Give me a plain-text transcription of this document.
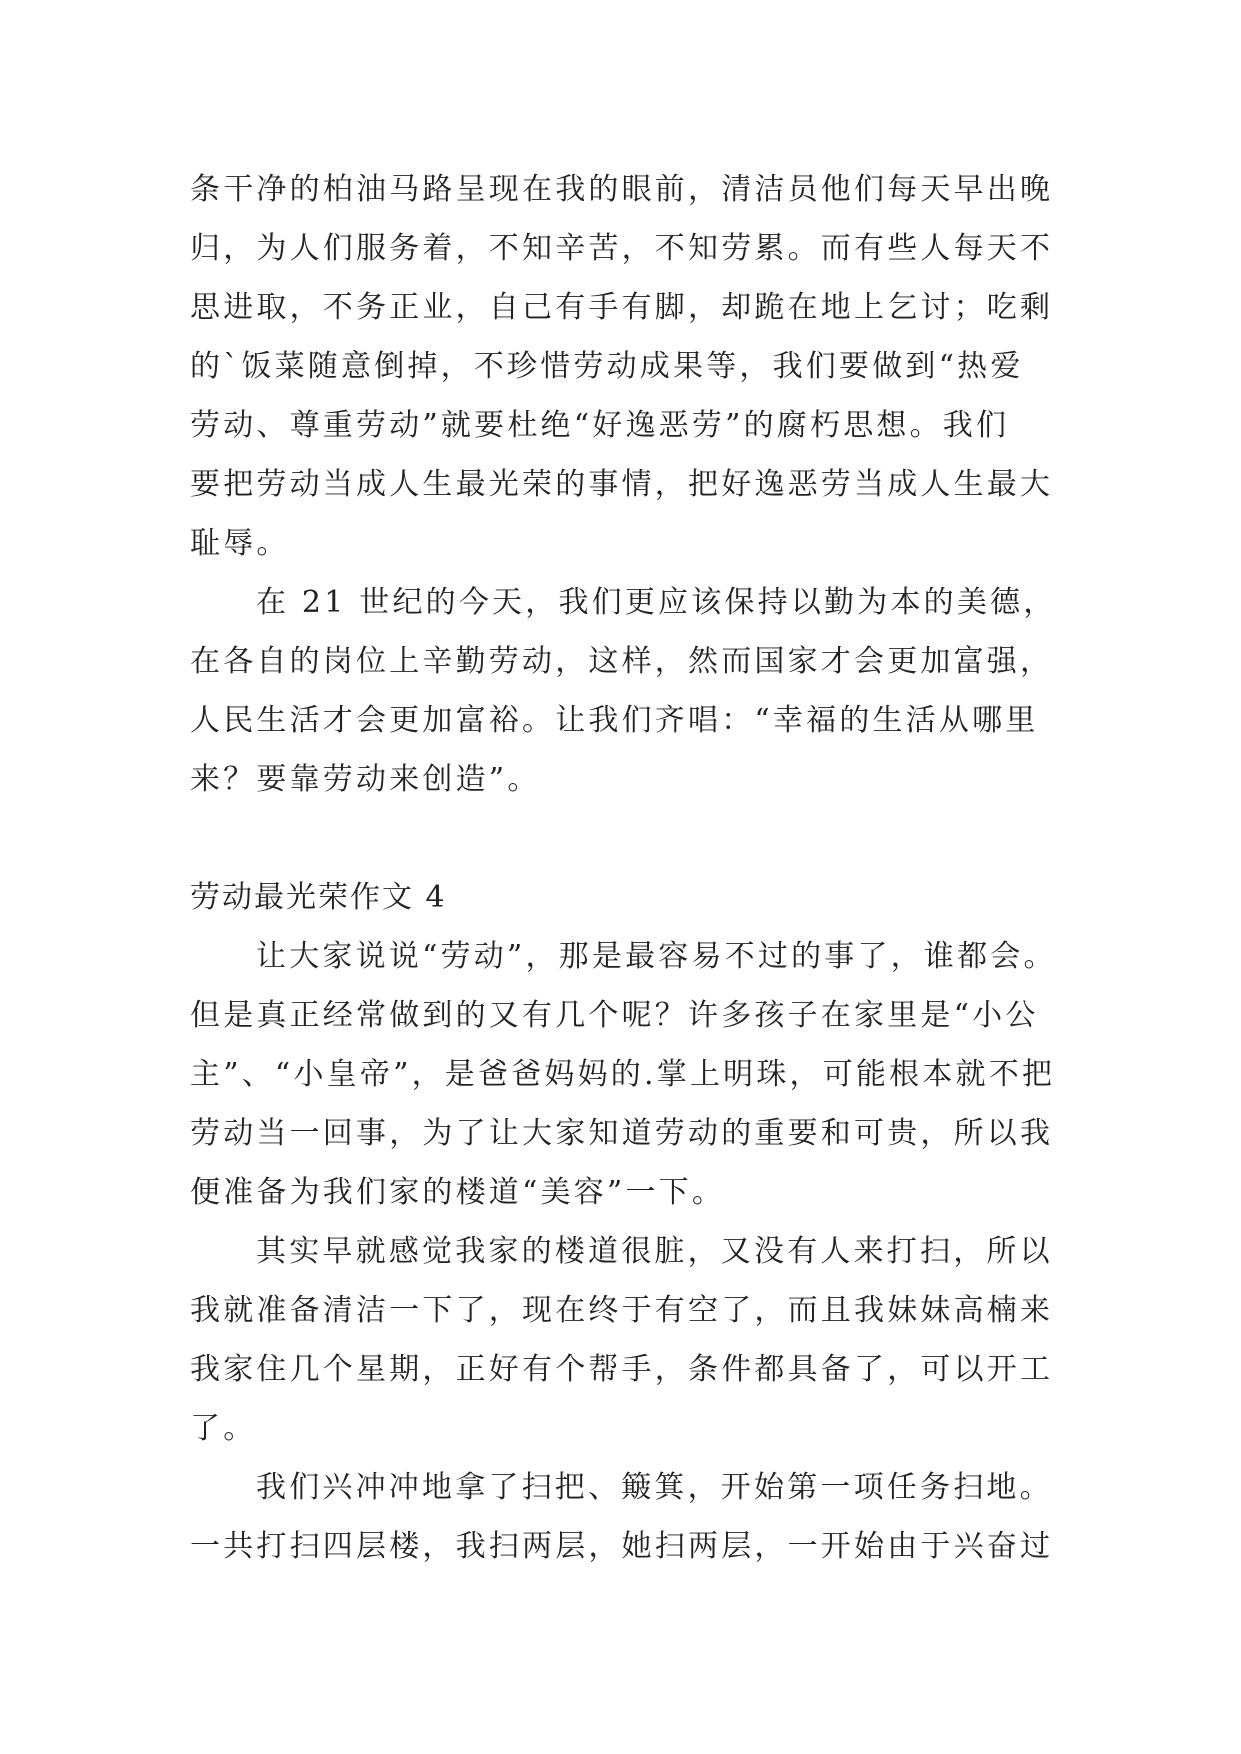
条干净的柏油马路呈现在我的眼前，清洁员他们每天早出晚
归，为人们服务着，不知辛苦，不知劳累。而有些人每天不
思进取，不务正业，自己有手有脚，却跪在地上乞讨；吃剩
的`饭菜随意倒掉，不珍惜劳动成果等，我们要做到“热爱
劳动、尊重劳动”就要杜绝“好逸恶劳”的腐朽思想。我们
要把劳动当成人生最光荣的事情，把好逸恶劳当成人生最大
耻辱。
在 21 世纪的今天，我们更应该保持以勤为本的美德，
在各自的岗位上辛勤劳动，这样，然而国家才会更加富强，
人民生活才会更加富裕。让我们齐唱：“幸福的生活从哪里
来？要靠劳动来创造”。
劳动最光荣作文 4
让大家说说“劳动”，那是最容易不过的事了，谁都会。
但是真正经常做到的又有几个呢？许多孩子在家里是“小公
主”、“小皇帝”，是爸爸妈妈的.掌上明珠，可能根本就不把
劳动当一回事，为了让大家知道劳动的重要和可贵，所以我
便准备为我们家的楼道“美容”一下。
其实早就感觉我家的楼道很脏，又没有人来打扫，所以
我就准备清洁一下了，现在终于有空了，而且我妹妹高楠来
我家住几个星期，正好有个帮手，条件都具备了，可以开工
了。
我们兴冲冲地拿了扫把、簸箕，开始第一项任务扫地。
一共打扫四层楼，我扫两层，她扫两层，一开始由于兴奋过
